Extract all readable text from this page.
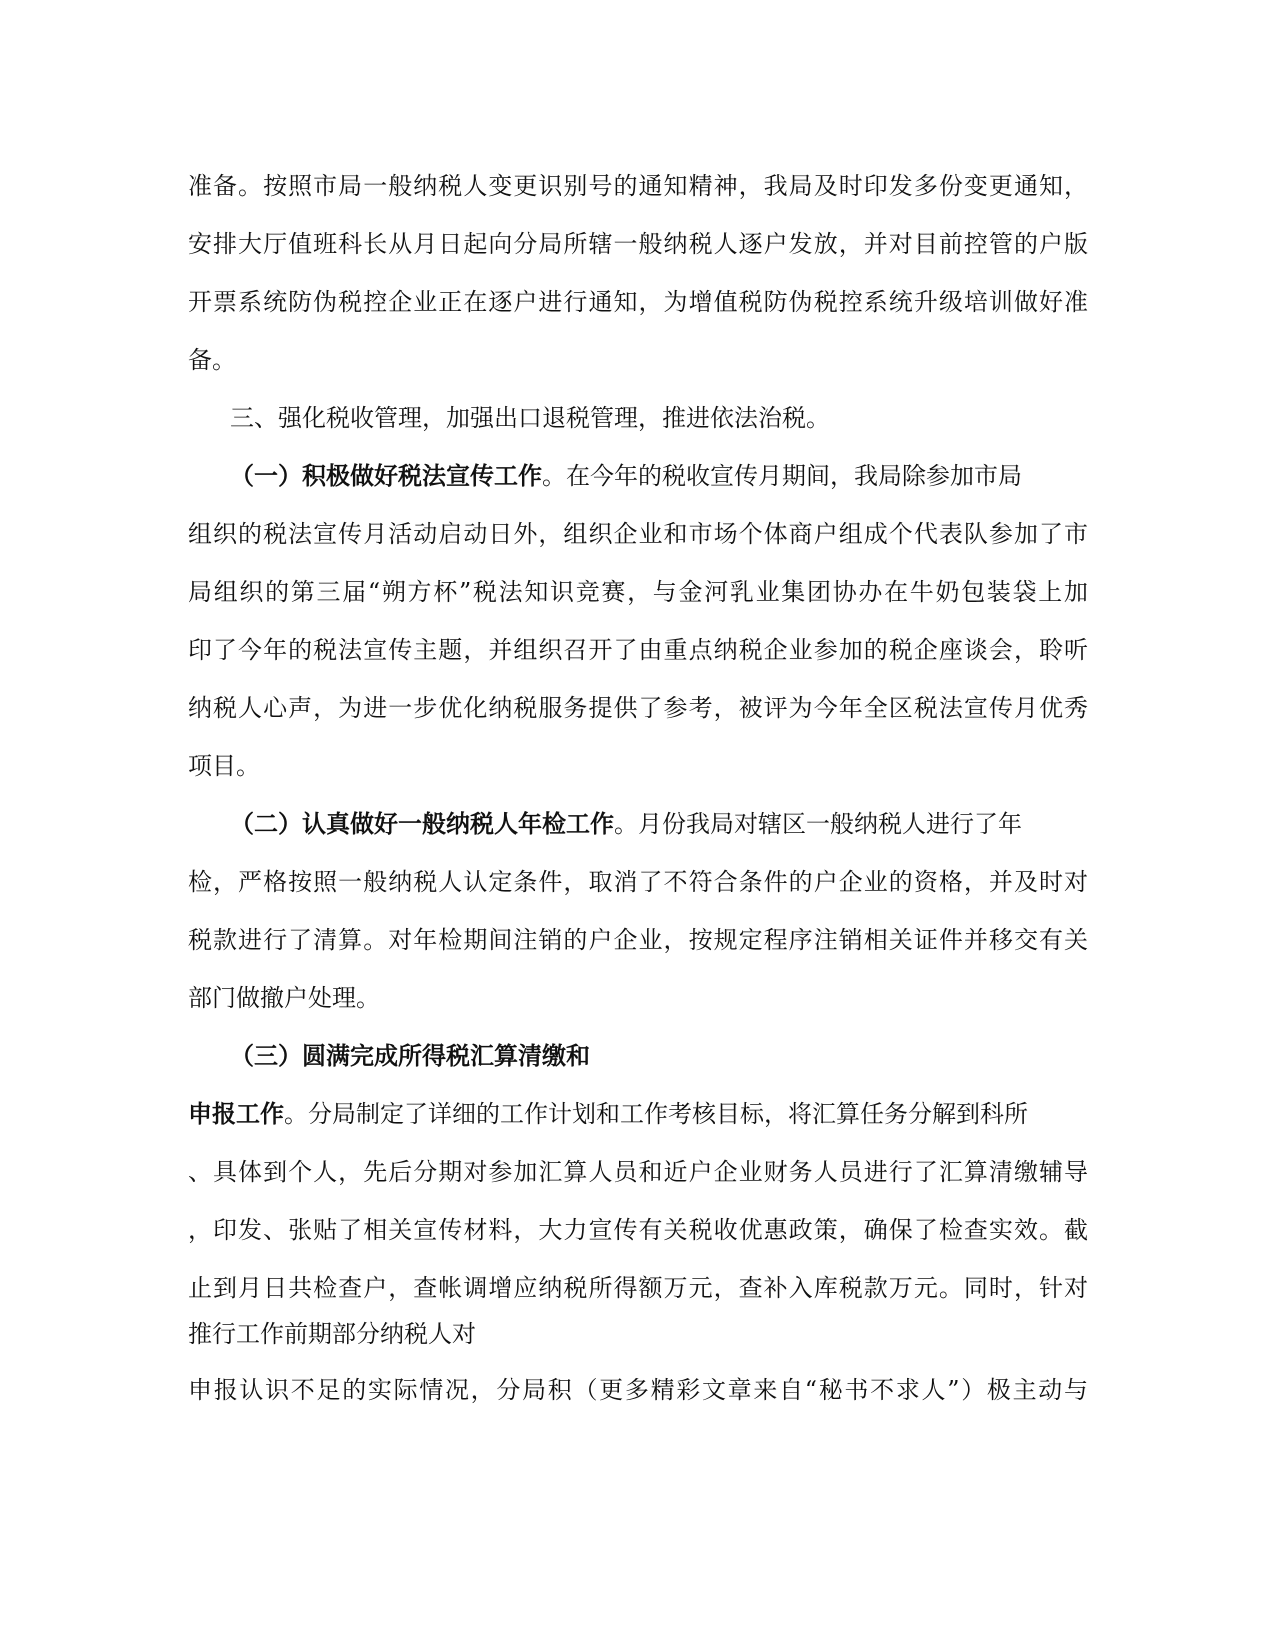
准备。按照市局一般纳税人变更识别号的通知精神，我局及时印发多份变更通知，
安排大厅值班科长从月日起向分局所辖一般纳税人逐户发放，并对目前控管的户版
开票系统防伪税控企业正在逐户进行通知，为增值税防伪税控系统升级培训做好准
备。
三、强化税收管理，加强出口退税管理，推进依法治税。
（一）积极做好税法宣传工作。在今年的税收宣传月期间，我局除参加市局
组织的税法宣传月活动启动日外，组织企业和市场个体商户组成个代表队参加了市
局组织的第三届“朔方杯”税法知识竞赛，与金河乳业集团协办在牛奶包装袋上加
印了今年的税法宣传主题，并组织召开了由重点纳税企业参加的税企座谈会，聆听
纳税人心声，为进一步优化纳税服务提供了参考，被评为今年全区税法宣传月优秀
项目。
（二）认真做好一般纳税人年检工作。月份我局对辖区一般纳税人进行了年
检，严格按照一般纳税人认定条件，取消了不符合条件的户企业的资格，并及时对
税款进行了清算。对年检期间注销的户企业，按规定程序注销相关证件并移交有关
部门做撤户处理。
（三）圆满完成所得税汇算清缴和
申报工作。分局制定了详细的工作计划和工作考核目标，将汇算任务分解到科所
、具体到个人，先后分期对参加汇算人员和近户企业财务人员进行了汇算清缴辅导
，印发、张贴了相关宣传材料，大力宣传有关税收优惠政策，确保了检查实效。截
止到月日共检查户，查帐调增应纳税所得额万元，查补入库税款万元。同时，针对
推行工作前期部分纳税人对
申报认识不足的实际情况，分局积（更多精彩文章来自“秘书不求人”）极主动与
